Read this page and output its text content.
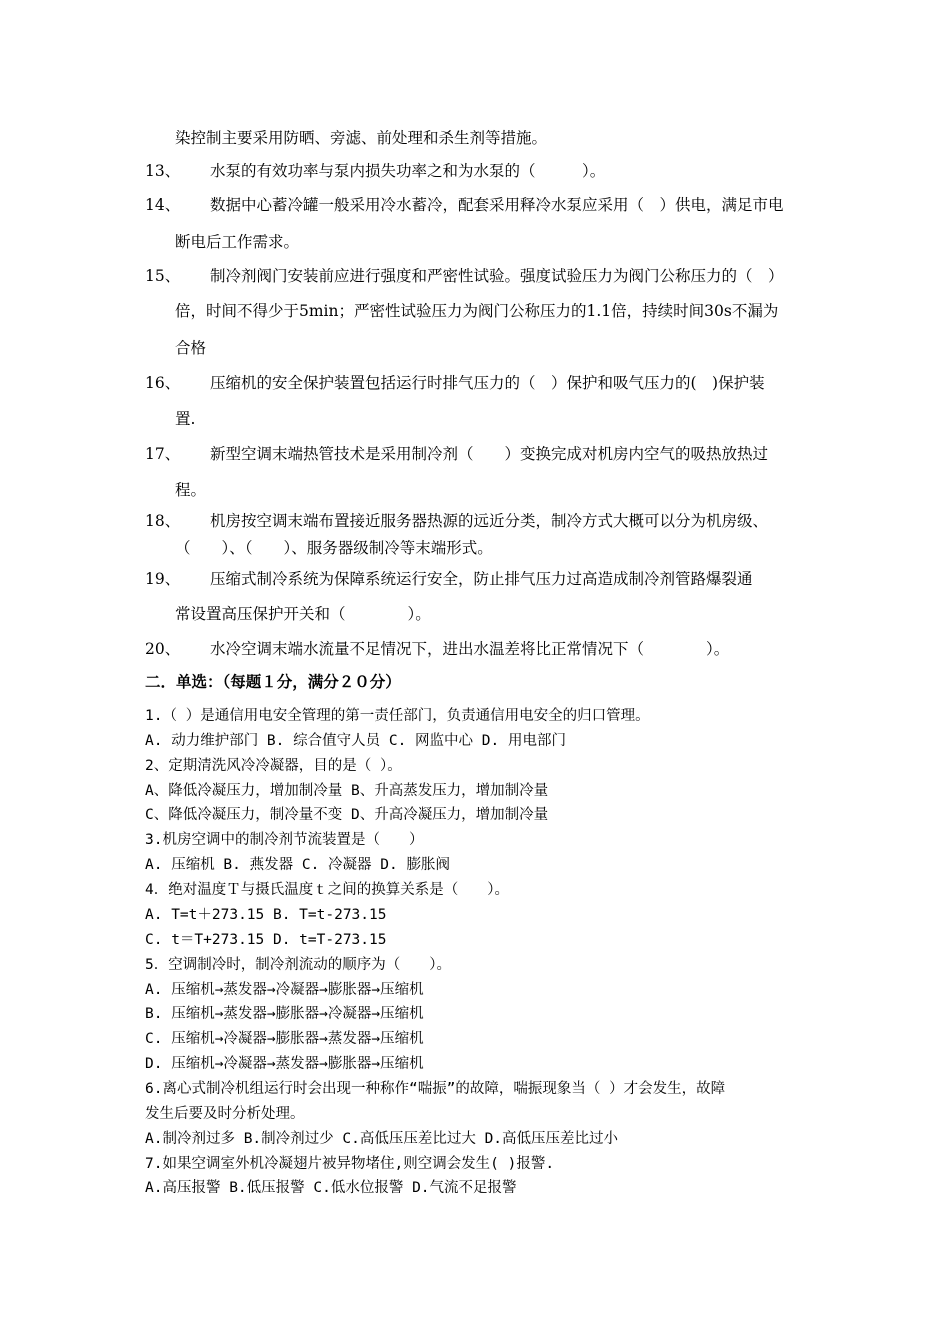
染控制主要采用防晒、旁滤、前处理和杀生剂等措施。
13、 水泵的有效功率与泵内损失功率之和为水泵的（　　　）。
14、 数据中心蓄冷罐一般采用冷水蓄冷，配套采用释冷水泵应采用（　）供电，满足市电
断电后工作需求。
15、 制冷剂阀门安装前应进行强度和严密性试验。强度试验压力为阀门公称压力的（　）
倍，时间不得少于5min；严密性试验压力为阀门公称压力的1.1倍，持续时间30s不漏为
合格
16、 压缩机的安全保护装置包括运行时排气压力的（　）保护和吸气压力的(　)保护装
置.
17、 新型空调末端热管技术是采用制冷剂（　　）变换完成对机房内空气的吸热放热过
程。
18、 机房按空调末端布置接近服务器热源的远近分类，制冷方式大概可以分为机房级、
（　　）、（　　）、服务器级制冷等末端形式。
19、 压缩式制冷系统为保障系统运行安全，防止排气压力过高造成制冷剂管路爆裂通
常设置高压保护开关和（　　　　）。
20、 水冷空调末端水流量不足情况下，进出水温差将比正常情况下（　　　　）。
二．单选：（每题１分，满分２０分）
1.（ ）是通信用电安全管理的第一责任部门，负责通信用电安全的归口管理。
A. 动力维护部门 B. 综合值守人员 C. 网监中心 D. 用电部门
2、定期清洗风冷冷凝器，目的是（ ）。
A、降低冷凝压力，增加制冷量 B、升高蒸发压力，增加制冷量
C、降低冷凝压力，制冷量不变 D、升高冷凝压力，增加制冷量
3.机房空调中的制冷剂节流装置是（　　）
A. 压缩机 B. 燕发器 C. 冷凝器 D. 膨胀阀
4．绝对温度Ｔ与摄氏温度ｔ之间的换算关系是（　　）。
A. T=t＋273.15 B. T=t-273.15
C. t＝T+273.15 D. t=T-273.15
5．空调制冷时，制冷剂流动的顺序为（　　）。
A. 压缩机→蒸发器→冷凝器→膨胀器→压缩机
B. 压缩机→蒸发器→膨胀器→冷凝器→压缩机
C. 压缩机→冷凝器→膨胀器→蒸发器→压缩机
D. 压缩机→冷凝器→蒸发器→膨胀器→压缩机
6.离心式制冷机组运行时会出现一种称作“喘振”的故障，喘振现象当（ ）才会发生，故障
发生后要及时分析处理。
A.制冷剂过多 B.制冷剂过少 C.高低压压差比过大 D.高低压压差比过小
7.如果空调室外机冷凝翅片被异物堵住,则空调会发生( )报警.
A.高压报警 B.低压报警 C.低水位报警 D.气流不足报警
